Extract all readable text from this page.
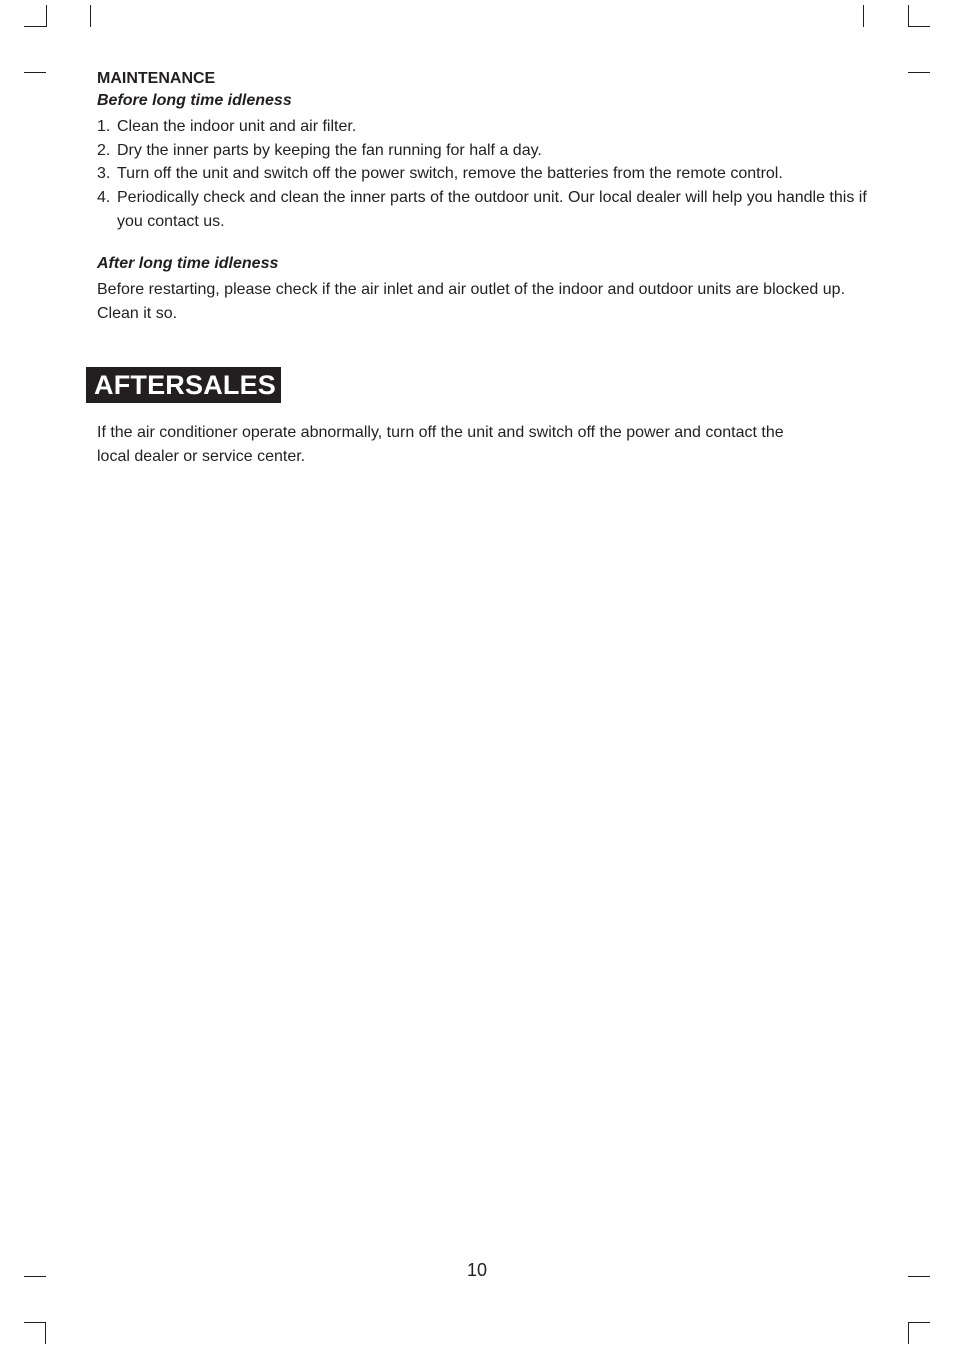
MAINTENANCE

Before long time idleness

1. Clean the indoor unit and air filter.
2. Dry the inner parts by keeping the fan running for half a day.
3. Turn off the unit and switch off the power switch, remove the batteries from the remote control.
4. Periodically check and clean the inner parts of the outdoor unit. Our local dealer will help you handle this if you contact us.

After long time idleness

Before restarting, please check if the air inlet and air outlet of the indoor and outdoor units are blocked up. Clean it so.

AFTERSALES

If the air conditioner operate abnormally, turn off the unit and switch off the power and contact the local dealer or service center.

10
